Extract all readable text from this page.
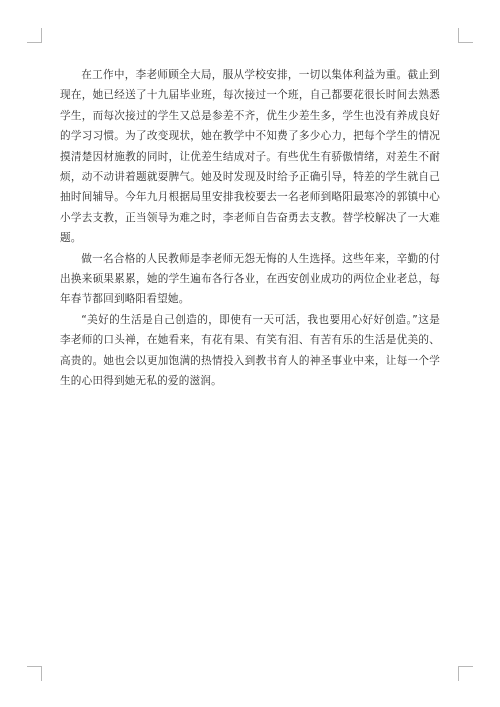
在工作中，李老师顾全大局，服从学校安排，一切以集体利益为重。截止到现在，她已经送了十九届毕业班，每次接过一个班，自己都要花很长时间去熟悉学生，而每次接过的学生又总是参差不齐，优生少差生多，学生也没有养成良好的学习习惯。为了改变现状，她在教学中不知费了多少心力，把每个学生的情况摸清楚因材施教的同时，让优差生结成对子。有些优生有骄傲情绪，对差生不耐烦，动不动讲着题就耍脾气。她及时发现及时给予正确引导，特差的学生就自己抽时间辅导。今年九月根据局里安排我校要去一名老师到略阳最寒冷的郭镇中心小学去支教，正当领导为难之时，李老师自告奋勇去支教。替学校解决了一大难题。

做一名合格的人民教师是李老师无怨无悔的人生选择。这些年来，辛勤的付出换来硕果累累，她的学生遍布各行各业，在西安创业成功的两位企业老总，每年春节都回到略阳看望她。

“美好的生活是自己创造的，即使有一天可活，我也要用心好好创造。”这是李老师的口头禅，在她看来，有花有果、有笑有泪、有苦有乐的生活是优美的、高贵的。她也会以更加饱满的热情投入到教书育人的神圣事业中来，让每一个学生的心田得到她无私的爱的滋润。
